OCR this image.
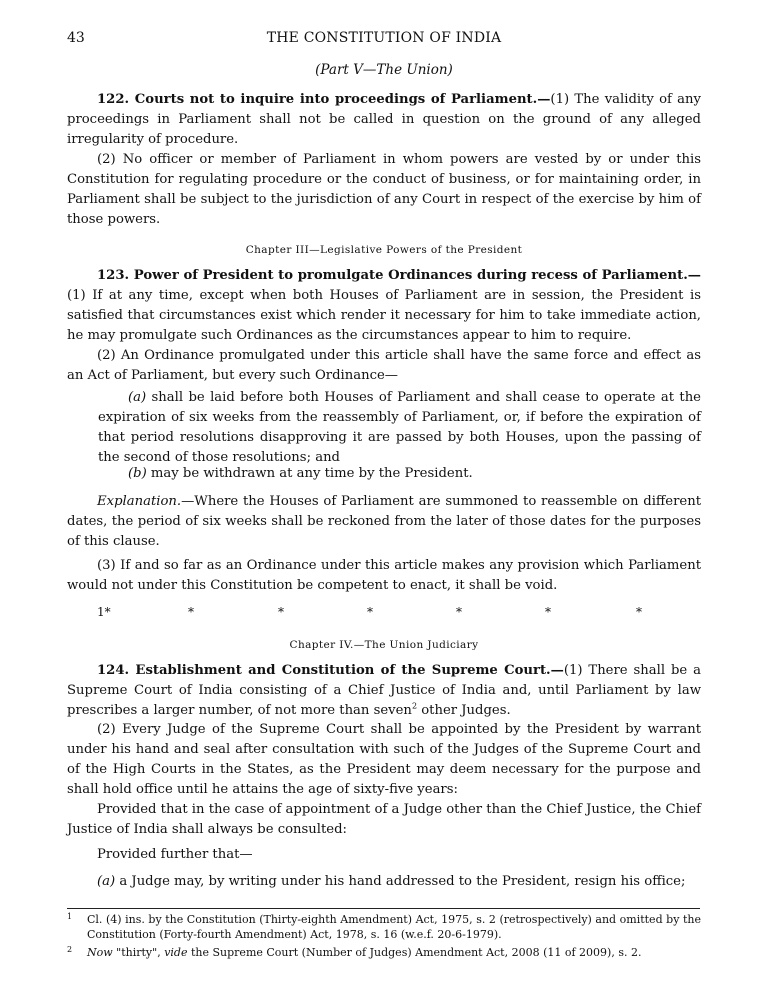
43	THE CONSTITUTION OF INDIA
(Part V—The Union)
122. Courts not to inquire into proceedings of Parliament.—(1) The validity of any proceedings in Parliament shall not be called in question on the ground of any alleged irregularity of procedure.
(2) No officer or member of Parliament in whom powers are vested by or under this Constitution for regulating procedure or the conduct of business, or for maintaining order, in Parliament shall be subject to the jurisdiction of any Court in respect of the exercise by him of those powers.
Chapter III—Legislative Powers of the President
123. Power of President to promulgate Ordinances during recess of Parliament.—(1) If at any time, except when both Houses of Parliament are in session, the President is satisfied that circumstances exist which render it necessary for him to take immediate action, he may promulgate such Ordinances as the circumstances appear to him to require.
(2) An Ordinance promulgated under this article shall have the same force and effect as an Act of Parliament, but every such Ordinance—
(a) shall be laid before both Houses of Parliament and shall cease to operate at the expiration of six weeks from the reassembly of Parliament, or, if before the expiration of that period resolutions disapproving it are passed by both Houses, upon the passing of the second of those resolutions; and
(b) may be withdrawn at any time by the President.
Explanation.—Where the Houses of Parliament are summoned to reassemble on different dates, the period of six weeks shall be reckoned from the later of those dates for the purposes of this clause.
(3) If and so far as an Ordinance under this article makes any provision which Parliament would not under this Constitution be competent to enact, it shall be void.
1*	*	*	*	*	*	*
Chapter IV.—The Union Judiciary
124. Establishment and Constitution of the Supreme Court.—(1) There shall be a Supreme Court of India consisting of a Chief Justice of India and, until Parliament by law prescribes a larger number, of not more than seven$^2$ other Judges.
(2) Every Judge of the Supreme Court shall be appointed by the President by warrant under his hand and seal after consultation with such of the Judges of the Supreme Court and of the High Courts in the States, as the President may deem necessary for the purpose and shall hold office until he attains the age of sixty-five years:
Provided that in the case of appointment of a Judge other than the Chief Justice, the Chief Justice of India shall always be consulted:
Provided further that—
(a) a Judge may, by writing under his hand addressed to the President, resign his office;
1 Cl. (4) ins. by the Constitution (Thirty-eighth Amendment) Act, 1975, s. 2 (retrospectively) and omitted by the Constitution (Forty-fourth Amendment) Act, 1978, s. 16 (w.e.f. 20-6-1979).
2 Now "thirty", vide the Supreme Court (Number of Judges) Amendment Act, 2008 (11 of 2009), s. 2.
